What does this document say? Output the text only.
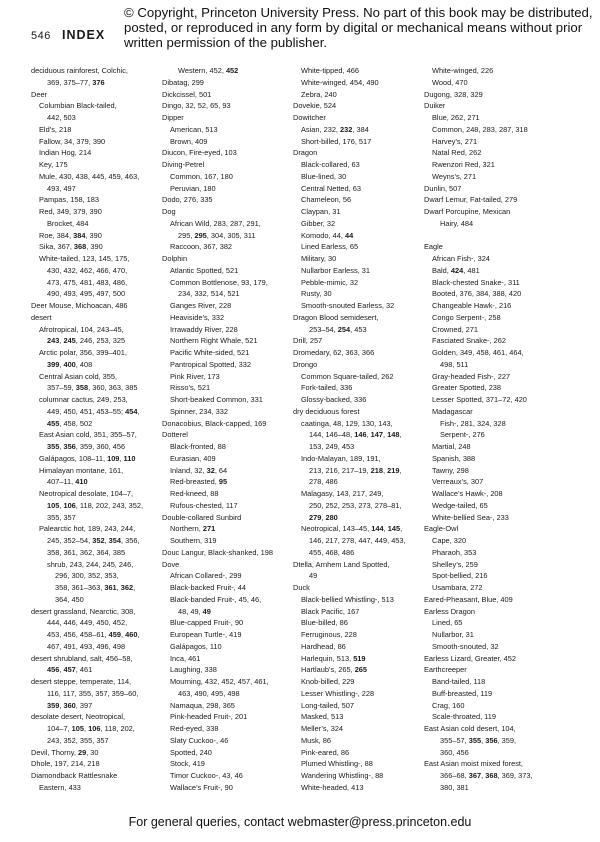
© Copyright, Princeton University Press. No part of this book may be distributed, posted, or reproduced in any form by digital or mechanical means without prior written permission of the publisher.
546 INDEX
deciduous rainforest, Colchic,
369, 375–77, 376
Deer
Columbian Black-tailed,
442, 503
Eld’s, 218
Fallow, 34, 379, 390
Indian Hog, 214
Key, 175
Mule, 430, 438, 445, 459, 463,
493, 497
Pampas, 158, 183
Red, 349, 379, 390
Brocket, 484
Roe, 384, 384, 390
Sika, 367, 368, 390
White-tailed, 123, 145, 175,
430, 432, 462, 466, 470,
473, 475, 481, 483, 486,
490, 493, 495, 497, 500
Deer Mouse, Michoacan, 486
desert
Afrotropical, 104, 243–45,
243, 245, 246, 253, 325
Arctic polar, 356, 399–401,
399, 400, 408
Central Asian cold, 355,
357–59, 358, 360, 363, 385
columnar cactus, 249, 253,
449, 450, 451, 453–55; 454,
455, 458, 502
East Asian cold, 351, 355–57,
355, 356, 359, 360, 456
Galápagos, 108–11, 109, 110
Himalayan montane, 161,
407–11, 410
Neotropical desolate, 104–7,
105, 106, 118, 202, 243, 352,
355, 357
Palearctic hot, 189, 243, 244,
245, 352–54, 352, 354, 356,
358, 361, 362, 364, 385
shrub, 243, 244, 245, 246,
296, 300, 352, 353,
358, 361–363, 361, 362,
364, 450
desert grassland, Nearctic, 308,
444, 446, 449, 450, 452,
453, 456, 458–61, 459, 460,
467, 491, 493, 496, 498
desert shrubland, salt, 456–58,
456, 457, 461
desert steppe, temperate, 114,
116, 117, 355, 357, 359–60,
359, 360, 397
desolate desert, Neotropical,
104–7, 105, 106, 118, 202,
243, 352, 355, 357
Devil, Thorny, 29, 30
Dhole, 197, 214, 218
Diamondback Rattlesnake
Eastern, 433
Western, 452, 452
Dibatag, 299
Dickcissel, 501
Dingo, 32, 52, 65, 93
Dipper
American, 513
Brown, 409
Diucon, Fire-eyed, 103
Diving-Petrel
Common, 167, 180
Peruvian, 180
Dodo, 276, 335
Dog
African Wild, 283, 287, 291,
295, 295, 304, 305, 311
Raccoon, 367, 382
Dolphin
Atlantic Spotted, 521
Common Bottlenose, 93, 179,
234, 332, 514, 521
Ganges River, 228
Heaviside’s, 332
Irrawaddy River, 228
Northern Right Whale, 521
Pacific White-sided, 521
Pantropical Spotted, 332
Pink River, 173
Risso’s, 521
Short-beaked Common, 331
Spinner, 234, 332
Donacobius, Black-capped, 169
Dotterel
Black-fronted, 88
Eurasian, 409
Inland, 32, 32, 64
Red-breasted, 95
Red-kneed, 88
Rufous-chested, 117
Double-collared Sunbird
Northern, 271
Southern, 319
Douc Langur, Black-shanked, 198
Dove
African Collared-, 299
Black-backed Fruit-, 44
Black-banded Fruit-, 45, 46,
48, 49, 49
Blue-capped Fruit-, 90
European Turtle-, 419
Galápagos, 110
Inca, 461
Laughing, 338
Mourning, 432, 452, 457, 461,
463, 490, 495, 498
Namaqua, 298, 365
Pink-headed Fruit-, 201
Red-eyed, 338
Slaty Cuckoo-, 46
Spotted, 240
Stock, 419
Timor Cuckoo-, 43, 46
Wallace’s Fruit-, 90
White-tipped, 466
White-winged, 454, 490
Zebra, 240
Dovekie, 524
Dowitcher
Asian, 232, 232, 384
Short-billed, 176, 517
Dragon
Black-collared, 63
Blue-lined, 30
Central Netted, 63
Chameleon, 56
Claypan, 31
Gibber, 32
Komodo, 44, 44
Lined Earless, 65
Military, 30
Nullarbor Earless, 31
Pebble-mimic, 32
Rusty, 30
Smooth-snouted Earless, 32
Dragon Blood semidesert,
253–54, 254, 453
Drill, 257
Dromedary, 62, 363, 366
Drongo
Common Square-tailed, 262
Fork-tailed, 336
Glossy-backed, 336
dry deciduous forest
caatinga, 48, 129, 130, 143,
144, 146–48, 146, 147, 148,
153, 249, 453
Indo-Malayan, 189, 191,
213, 216, 217–19, 218, 219,
278, 486
Malagasy, 143, 217, 249,
250, 252, 253, 273, 278–81,
279, 280
Neotropical, 143–45, 144, 145,
146, 217, 278, 447, 449, 453,
455, 468, 486
Dtella, Arnhem Land Spotted,
49
Duck
Black-bellied Whistling-, 513
Black Pacific, 167
Blue-billed, 86
Ferruginous, 228
Hardhead, 86
Harlequin, 513, 519
Hartlaub’s, 265, 265
Knob-billed, 229
Lesser Whistling-, 228
Long-tailed, 507
Masked, 513
Meller’s, 324
Musk, 86
Pink-eared, 86
Plumed Whistling-, 88
Wandering Whistling-, 88
White-headed, 413
White-winged, 226
Wood, 470
Dugong, 328, 329
Duiker
Blue, 262, 271
Common, 248, 283, 287, 318
Harvey’s, 271
Natal Red, 262
Rwenzori Red, 321
Weyns’s, 271
Dunlin, 507
Dwarf Lemur, Fat-tailed, 279
Dwarf Porcupine, Mexican
Hairy, 484
Eagle
African Fish-, 324
Bald, 424, 481
Black-chested Snake-, 311
Booted, 376, 384, 388, 420
Changeable Hawk-, 216
Congo Serpent-, 258
Crowned, 271
Fasciated Snake-, 262
Golden, 349, 458, 461, 464,
498, 511
Gray-headed Fish-, 227
Greater Spotted, 238
Lesser Spotted, 371–72, 420
Madagascar
Fish-, 281, 324, 328
Serpent-, 276
Martial, 248
Spanish, 388
Tawny, 298
Verreaux’s, 307
Wallace’s Hawk-, 208
Wedge-tailed, 65
White-bellied Sea-, 233
Eagle-Owl
Cape, 320
Pharaoh, 353
Shelley’s, 259
Spot-bellied, 216
Usambara, 272
Eared-Pheasant, Blue, 409
Earless Dragon
Lined, 65
Nullarbor, 31
Smooth-snouted, 32
Earless Lizard, Greater, 452
Earthcreeper
Band-tailed, 118
Buff-breasted, 119
Crag, 160
Scale-throated, 119
East Asian cold desert, 104,
355–57, 355, 356, 359,
360, 456
East Asian moist mixed forest,
366–68, 367, 368, 369, 373,
380, 381
For general queries, contact webmaster@press.princeton.edu
